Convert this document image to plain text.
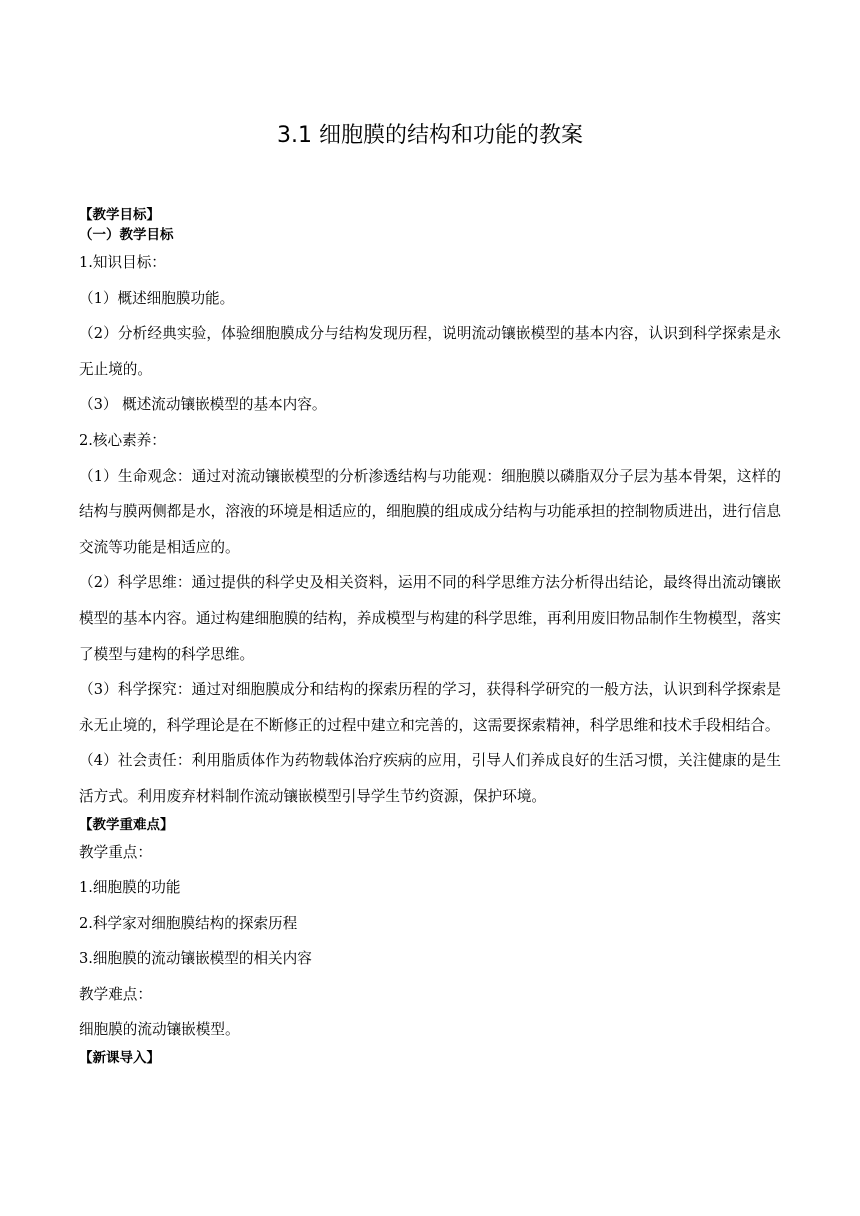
3.1 细胞膜的结构和功能的教案
【教学目标】
（一）教学目标

1.知识目标：

（1）概述细胞膜功能。

（2）分析经典实验，体验细胞膜成分与结构发现历程，说明流动镶嵌模型的基本内容，认识到科学探索是永无止境的。

（3） 概述流动镶嵌模型的基本内容。

2.核心素养：

（1）生命观念：通过对流动镶嵌模型的分析渗透结构与功能观：细胞膜以磷脂双分子层为基本骨架，这样的结构与膜两侧都是水，溶液的环境是相适应的，细胞膜的组成成分结构与功能承担的控制物质进出，进行信息交流等功能是相适应的。

（2）科学思维：通过提供的科学史及相关资料，运用不同的科学思维方法分析得出结论，最终得出流动镶嵌模型的基本内容。通过构建细胞膜的结构，养成模型与构建的科学思维，再利用废旧物品制作生物模型，落实了模型与建构的科学思维。

（3）科学探究：通过对细胞膜成分和结构的探索历程的学习，获得科学研究的一般方法，认识到科学探索是永无止境的，科学理论是在不断修正的过程中建立和完善的，这需要探索精神，科学思维和技术手段相结合。

（4）社会责任：利用脂质体作为药物载体治疗疾病的应用，引导人们养成良好的生活习惯，关注健康的是生活方式。利用废弃材料制作流动镶嵌模型引导学生节约资源，保护环境。

【教学重难点】

教学重点：

1.细胞膜的功能

2.科学家对细胞膜结构的探索历程

3.细胞膜的流动镶嵌模型的相关内容

教学难点：

细胞膜的流动镶嵌模型。

【新课导入】
